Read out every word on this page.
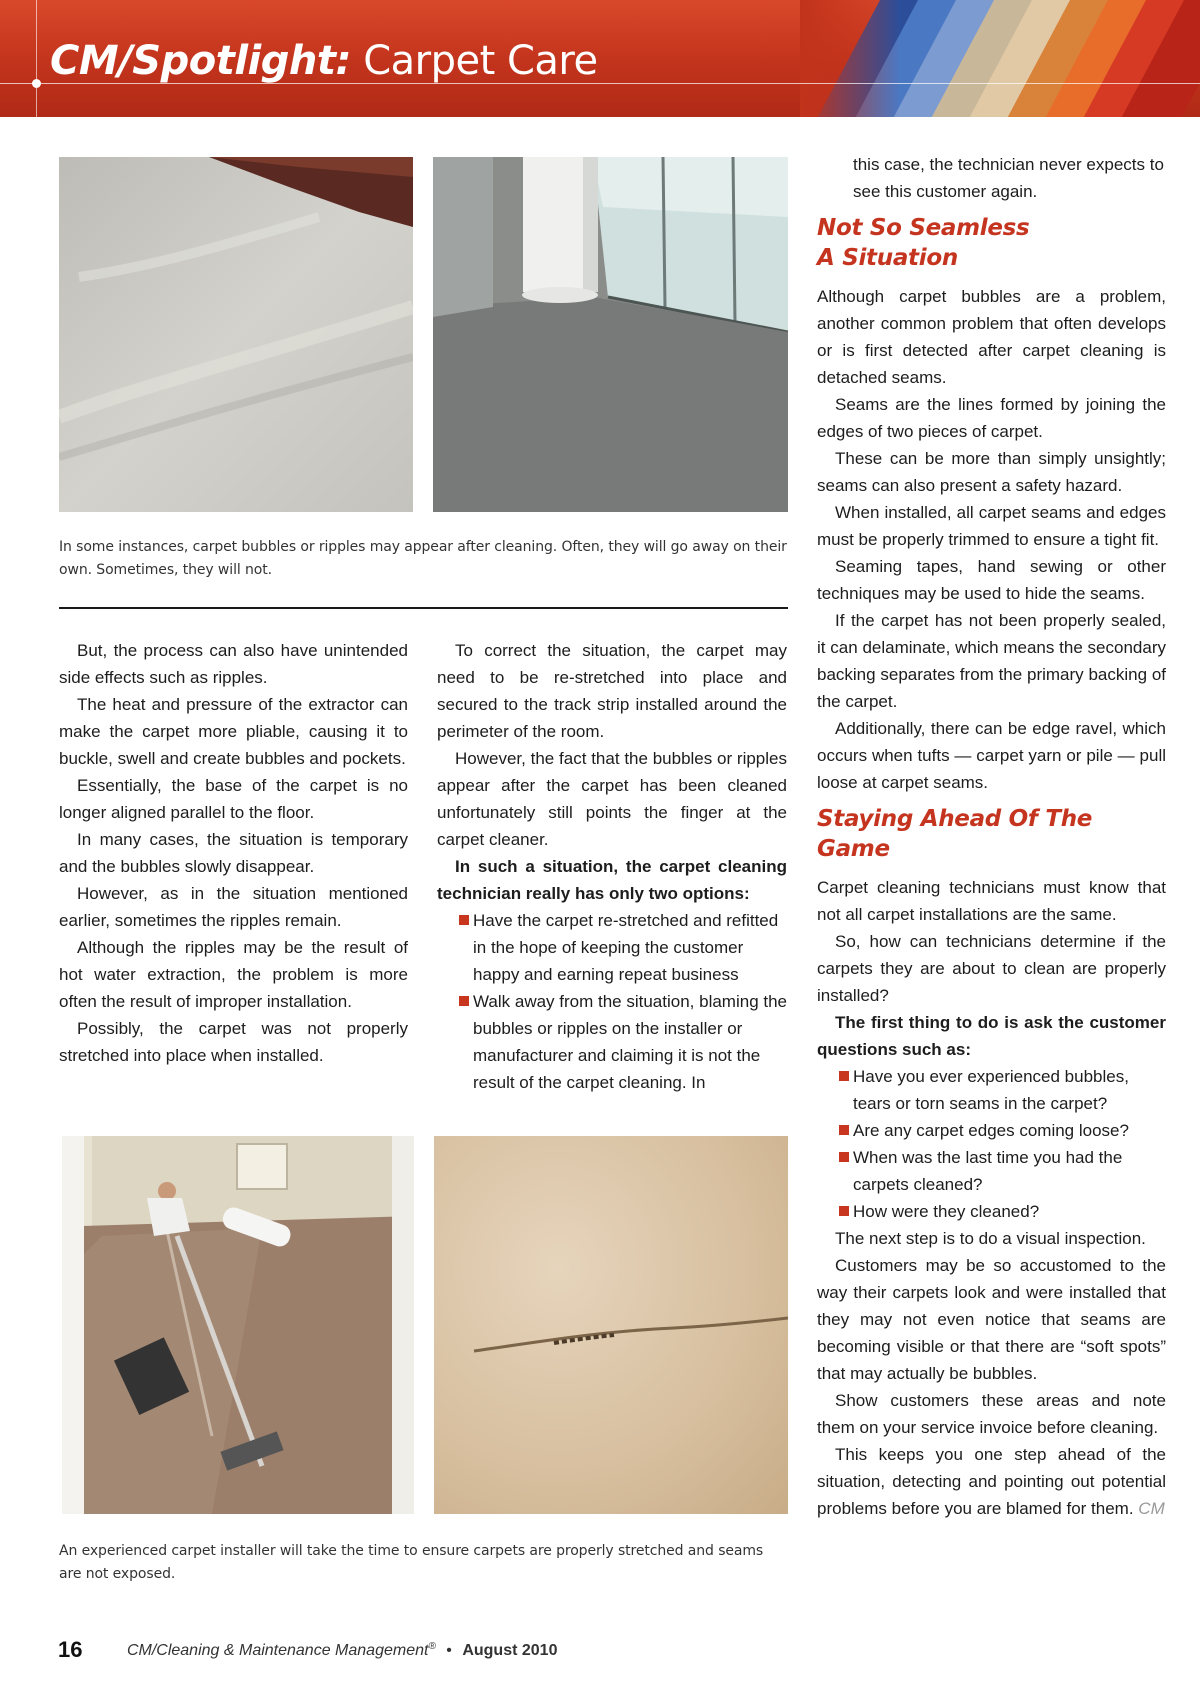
CM/Spotlight: Carpet Care
In some instances, carpet bubbles or ripples may appear after cleaning. Often, they will go away on their own. Sometimes, they will not.

But, the process can also have unintended side effects such as ripples.

The heat and pressure of the extractor can make the carpet more pliable, causing it to buckle, swell and create bubbles and pockets.

Essentially, the base of the carpet is no longer aligned parallel to the floor.

In many cases, the situation is temporary and the bubbles slowly disappear.

However, as in the situation mentioned earlier, sometimes the ripples remain.

Although the ripples may be the result of hot water extraction, the problem is more often the result of improper installation.

Possibly, the carpet was not properly stretched into place when installed.

To correct the situation, the carpet may need to be re-stretched into place and secured to the track strip installed around the perimeter of the room.

However, the fact that the bubbles or ripples appear after the carpet has been cleaned unfortunately still points the finger at the carpet cleaner.

In such a situation, the carpet cleaning technician really has only two options:

Have the carpet re-stretched and refitted in the hope of keeping the customer happy and earning repeat business
Walk away from the situation, blaming the bubbles or ripples on the installer or manufacturer and claiming it is not the result of the carpet cleaning. In
An experienced carpet installer will take the time to ensure carpets are properly stretched and seams are not exposed.

this case, the technician never expects to see this customer again.

Not So Seamless A Situation

Although carpet bubbles are a problem, another common problem that often develops or is first detected after carpet cleaning is detached seams.

Seams are the lines formed by joining the edges of two pieces of carpet.

These can be more than simply unsightly; seams can also present a safety hazard.

When installed, all carpet seams and edges must be properly trimmed to ensure a tight fit.

Seaming tapes, hand sewing or other techniques may be used to hide the seams.

If the carpet has not been properly sealed, it can delaminate, which means the secondary backing separates from the primary backing of the carpet.

Additionally, there can be edge ravel, which occurs when tufts — carpet yarn or pile — pull loose at carpet seams.

Staying Ahead Of The Game

Carpet cleaning technicians must know that not all carpet installations are the same.

So, how can technicians determine if the carpets they are about to clean are properly installed?

The first thing to do is ask the customer questions such as:

Have you ever experienced bubbles, tears or torn seams in the carpet?
Are any carpet edges coming loose?
When was the last time you had the carpets cleaned?
How were they cleaned?

The next step is to do a visual inspection.

Customers may be so accustomed to the way their carpets look and were installed that they may not even notice that seams are becoming visible or that there are “soft spots” that may actually be bubbles.

Show customers these areas and note them on your service invoice before cleaning.

This keeps you one step ahead of the situation, detecting and pointing out potential problems before you are blamed for them. CM

16	CM/Cleaning & Maintenance Management® • August 2010
